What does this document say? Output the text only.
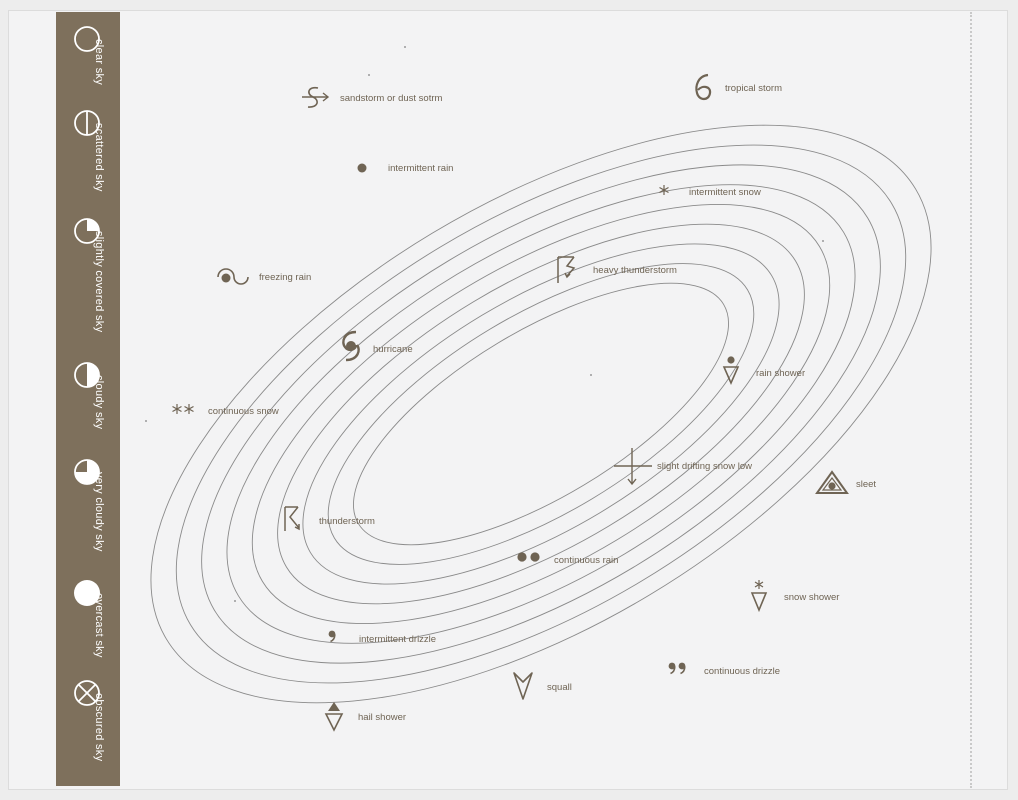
clear sky
scattered sky
slightly covered sky
cloudy sky
very cloudy sky
overcast sky
obscured sky
sandstorm or dust sotrm
tropical storm
intermittent rain
intermittent snow
heavy thunderstorm
freezing rain
hurricane
rain shower
continuous snow
slight drifting snow low
sleet
thunderstorm
continuous rain
snow shower
intermittent drizzle
continuous drizzle
squall
hail shower
